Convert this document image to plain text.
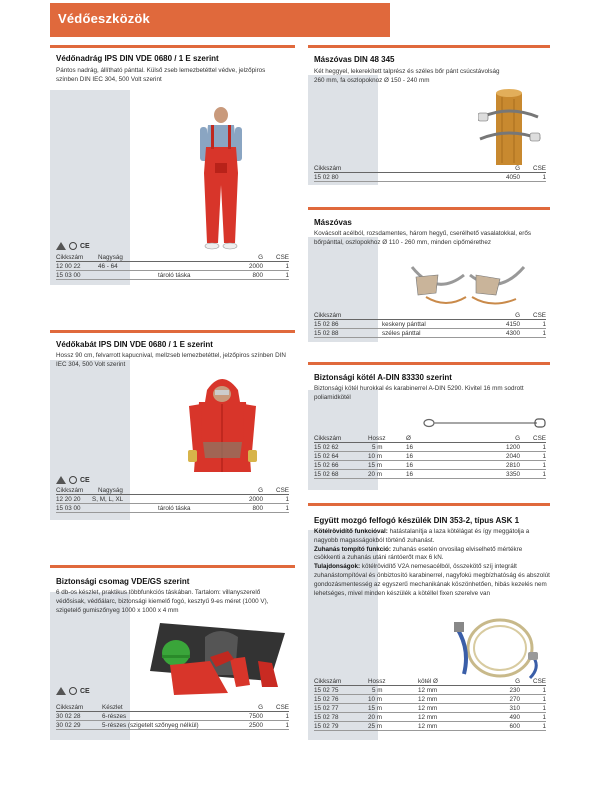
Védőeszközök
Védőnadrág IPS DIN VDE 0680 / 1 E szerint
Pántos nadrág, állítható pánttal. Külső zseb lemezbetéttel védve, jelzőpiros színben DIN IEC 304, 500 Volt szerint
CE
Cikkszám Nagyság	G CSE
12 00 22	46 - 64	2000	1
15 03 00	tároló táska	800	1
Védőkabát IPS DIN VDE 0680 / 1 E szerint
Hossz 90 cm, felvarrott kapucnival, mellzseb lemezbetéttel, jelzőpiros színben DIN IEC 304, 500 Volt szerint
CE
Cikkszám Nagyság	G CSE
12 20 20 S, M, L, XL	2000	1
15 03 00	tároló táska	800	1
Biztonsági csomag VDE/GS szerint
6 db-os készlet, praktikus többfunkciós táskában. Tartalom: villanyszerelő védősisak, védőálarc, biztonsági kiemelő fogó, kesztyű 9-es méret (1000 V), szigetelő gumiszőnyeg 1000 x 1000 x 4 mm
CE
Cikkszám	Készlet	G CSE
30 02 28	6-részes	7500	1
30 02 29	5-részes (szigetelt szőnyeg nélkül)	2500	1
Mászóvas DIN 48 345
Két heggyel, lekerekített talprész és széles bőr pánt csúcstávolság 260 mm, fa oszlopoknoz Ø 150 - 240 mm
Cikkszám	G CSE
15 02 80	4050	1
Mászóvas
Kovácsolt acélból, rozsdamentes, három hegyű, cserélhető vasalatokkal, erős bőrpánttal, oszlopokhoz Ø 110 - 260 mm, minden cipőmérethez
Cikkszám	G CSE
15 02 86	keskeny pánttal	4150	1
15 02 88	széles pánttal	4300	1
Biztonsági kötél A-DIN 83330 szerint
Biztonsági kötél hurokkal és karabinerrel A-DIN 5290. Kivitel 16 mm sodrott poliamidkötél
Cikkszám	Hossz	Ø	G CSE
15 02 62	5 m	16	1200	1
15 02 64	10 m	16	2040	1
15 02 66	15 m	16	2810	1
15 02 68	20 m	16	3350	1
Együtt mozgó felfogó készülék DIN 353-2, típus ASK 1
Kötélrövidítő funkcióval: hatástalanítja a laza kötélágat és így meggátolja a nagyobb magasságokból történő zuhanást.
Zuhanás tompító funkció: zuhanás esetén orvosilag elviselhető mértékre csökkenti a zuhanás utáni rántóerőt max 6 kN.
Tulajdonságok: kötélrövidítő V2A nemesacélból, összekötő szíj integrált zuhanástompítóval és önbiztosító karabinerrel, nagyfokú megbízhatóság és abszolút gondozásmentesség az egyszerű mechanikának köszönhetően, hibás kezelés nem lehetséges, mivel minden készülék a kötéllel fixen szerelve van
Cikkszám	Hossz	kötél Ø	G CSE
15 02 75	5 m	12 mm	230	1
15 02 76	10 m	12 mm	270	1
15 02 77	15 m	12 mm	310	1
15 02 78	20 m	12 mm	490	1
15 02 79	25 m	12 mm	600	1
